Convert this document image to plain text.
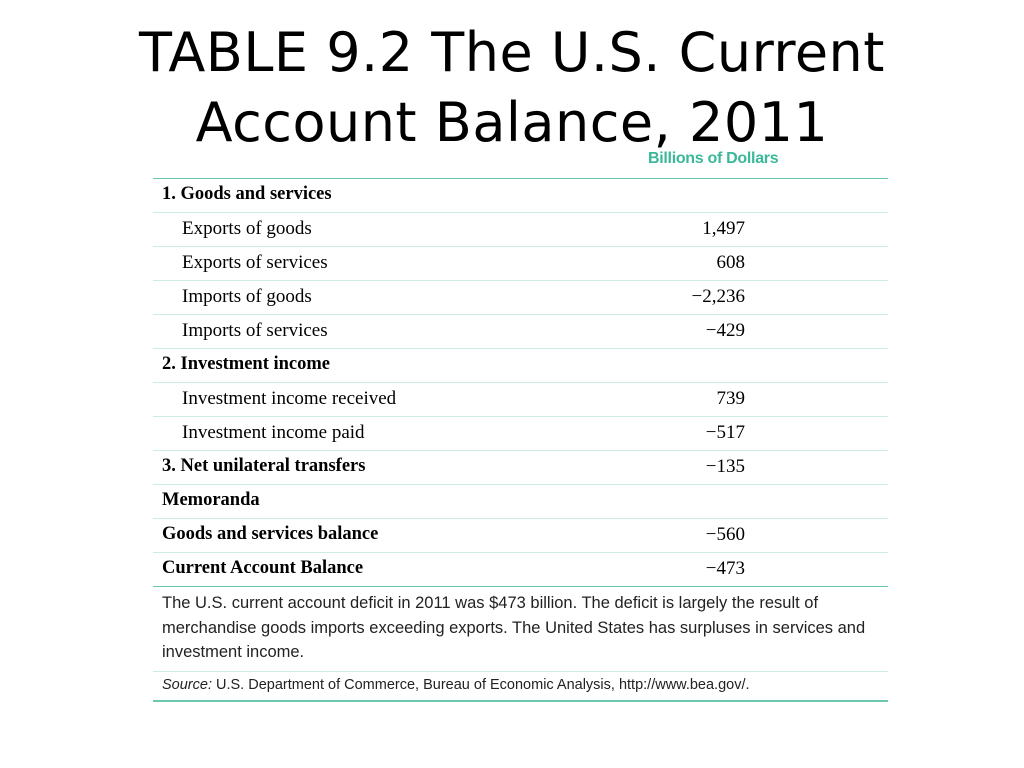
TABLE 9.2 The U.S. Current
Account Balance, 2011
Billions of Dollars
1. Goods and services
Exports of goods	1,497
Exports of services	608
Imports of goods	−2,236
Imports of services	−429
2. Investment income
Investment income received	739
Investment income paid	−517
3. Net unilateral transfers	−135
Memoranda
Goods and services balance	−560
Current Account Balance	−473
The U.S. current account deficit in 2011 was $473 billion. The deficit is largely the result of merchandise goods imports exceeding exports. The United States has surpluses in services and investment income.
Source: U.S. Department of Commerce, Bureau of Economic Analysis, http://www.bea.gov/.
